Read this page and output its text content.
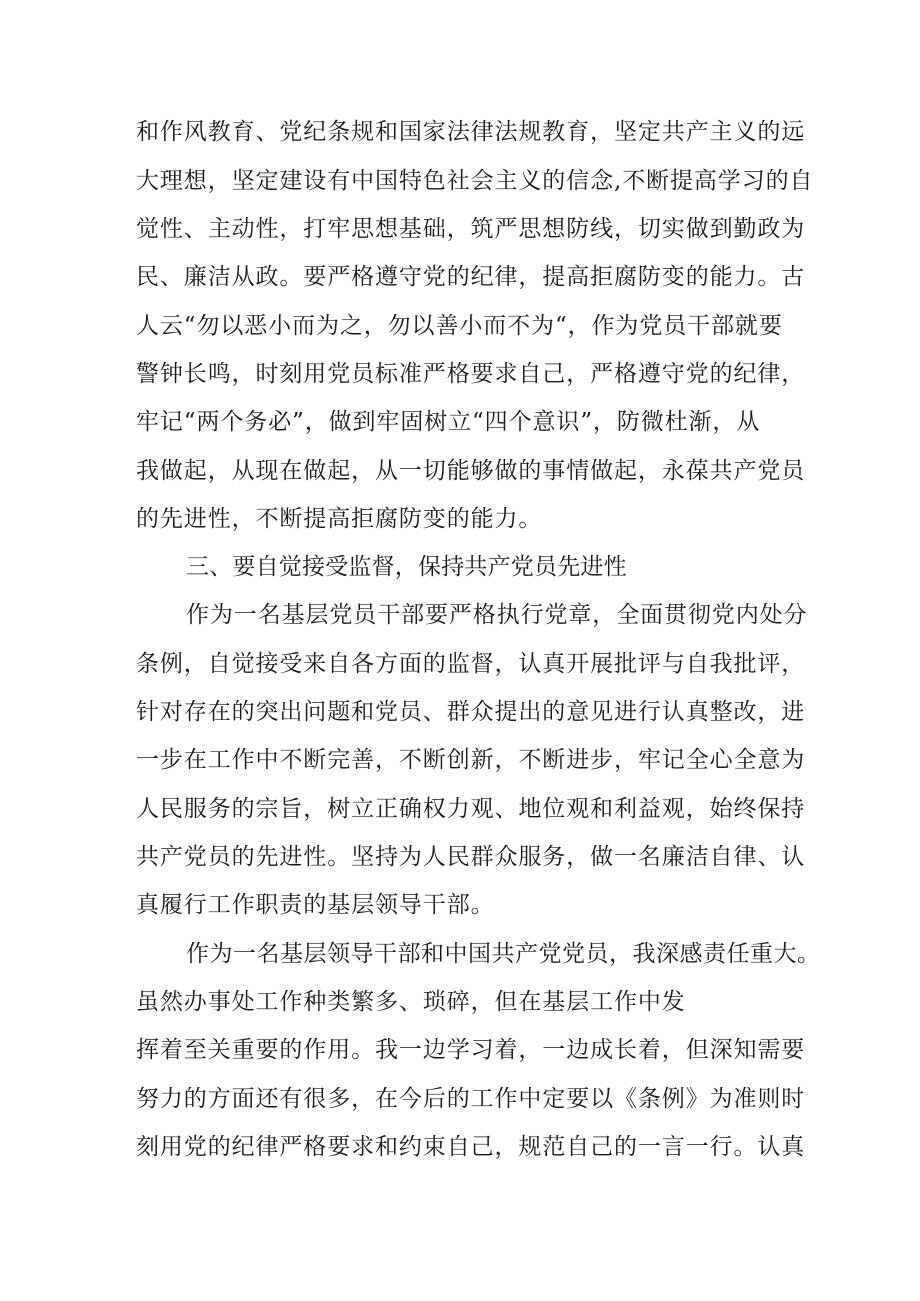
和作风教育、党纪条规和国家法律法规教育，坚定共产主义的远
大理想，坚定建设有中国特色社会主义的信念,不断提高学习的自
觉性、主动性，打牢思想基础，筑严思想防线，切实做到勤政为
民、廉洁从政。要严格遵守党的纪律，提高拒腐防变的能力。古
人云“勿以恶小而为之，勿以善小而不为“，作为党员干部就要
警钟长鸣，时刻用党员标准严格要求自己，严格遵守党的纪律，
牢记“两个务必”，做到牢固树立“四个意识”，防微杜渐，从
我做起，从现在做起，从一切能够做的事情做起，永葆共产党员
的先进性，不断提高拒腐防变的能力。
三、要自觉接受监督，保持共产党员先进性
作为一名基层党员干部要严格执行党章，全面贯彻党内处分
条例，自觉接受来自各方面的监督，认真开展批评与自我批评，
针对存在的突出问题和党员、群众提出的意见进行认真整改，进
一步在工作中不断完善，不断创新，不断进步，牢记全心全意为
人民服务的宗旨，树立正确权力观、地位观和利益观，始终保持
共产党员的先进性。坚持为人民群众服务，做一名廉洁自律、认
真履行工作职责的基层领导干部。
作为一名基层领导干部和中国共产党党员，我深感责任重大。
虽然办事处工作种类繁多、琐碎，但在基层工作中发
挥着至关重要的作用。我一边学习着，一边成长着，但深知需要
努力的方面还有很多，在今后的工作中定要以《条例》为准则时
刻用党的纪律严格要求和约束自己，规范自己的一言一行。认真
